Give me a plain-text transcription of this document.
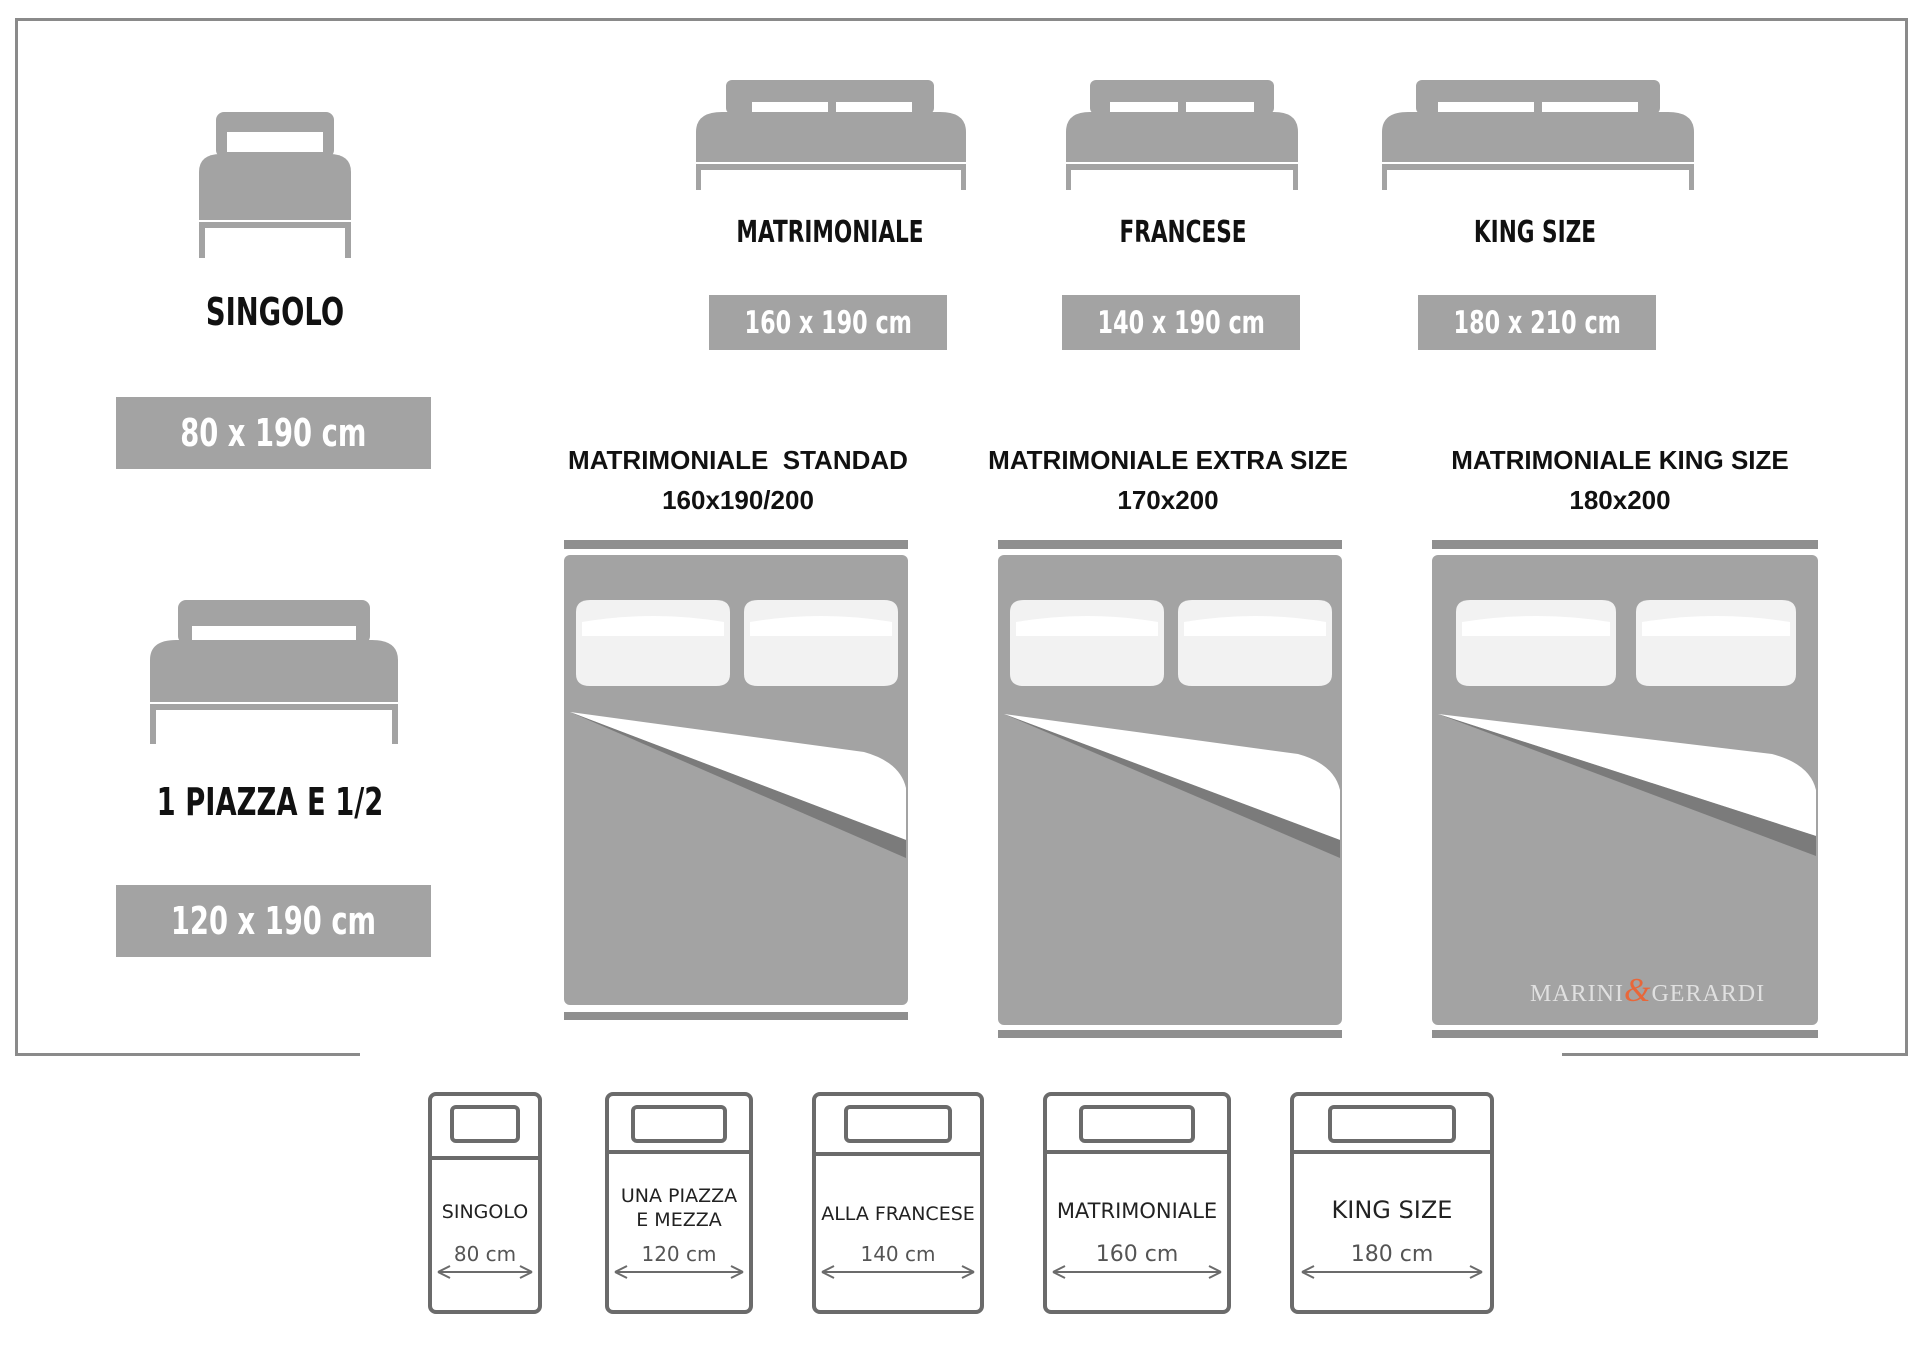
SINGOLO
80 x 190 cm
1 PIAZZA E 1/2
120 x 190 cm
MATRIMONIALE	FRANCESE	KING SIZE
160 x 190 cm	140 x 190 cm	180 x 210 cm
MATRIMONIALE  STANDAD
160x190/200
MATRIMONIALE EXTRA SIZE
170x200
MATRIMONIALE KING SIZE
180x200
MARINI&GERARDI
SINGOLO
80 cm
UNA PIAZZA
E MEZZA
120 cm
ALLA FRANCESE
140 cm
MATRIMONIALE
160 cm
KING SIZE
180 cm
